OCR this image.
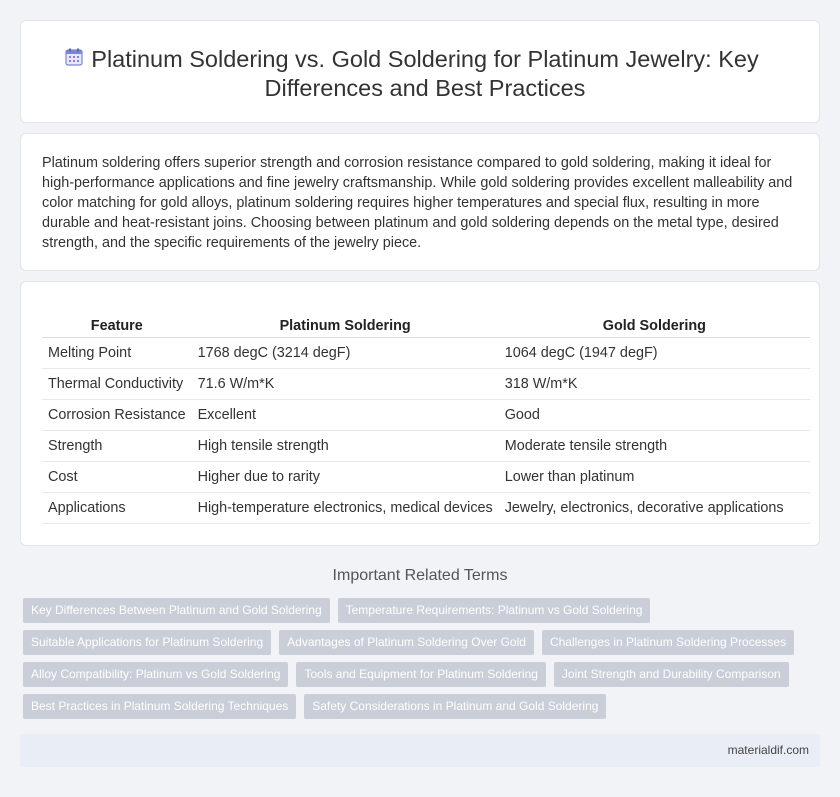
Platinum Soldering vs. Gold Soldering for Platinum Jewelry: Key Differences and Best Practices

Platinum soldering offers superior strength and corrosion resistance compared to gold soldering, making it ideal for high-performance applications and fine jewelry craftsmanship. While gold soldering provides excellent malleability and color matching for gold alloys, platinum soldering requires higher temperatures and special flux, resulting in more durable and heat-resistant joins. Choosing between platinum and gold soldering depends on the metal type, desired strength, and the specific requirements of the jewelry piece.

Feature	Platinum Soldering	Gold Soldering
Melting Point	1768 degC (3214 degF)	1064 degC (1947 degF)
Thermal Conductivity	71.6 W/m*K	318 W/m*K
Corrosion Resistance	Excellent	Good
Strength	High tensile strength	Moderate tensile strength
Cost	Higher due to rarity	Lower than platinum
Applications	High-temperature electronics, medical devices	Jewelry, electronics, decorative applications
Important Related Terms
Key Differences Between Platinum and Gold Soldering	Temperature Requirements: Platinum vs Gold Soldering
Suitable Applications for Platinum Soldering	Advantages of Platinum Soldering Over Gold	Challenges in Platinum Soldering Processes
Alloy Compatibility: Platinum vs Gold Soldering	Tools and Equipment for Platinum Soldering	Joint Strength and Durability Comparison
Best Practices in Platinum Soldering Techniques	Safety Considerations in Platinum and Gold Soldering
materialdif.com
